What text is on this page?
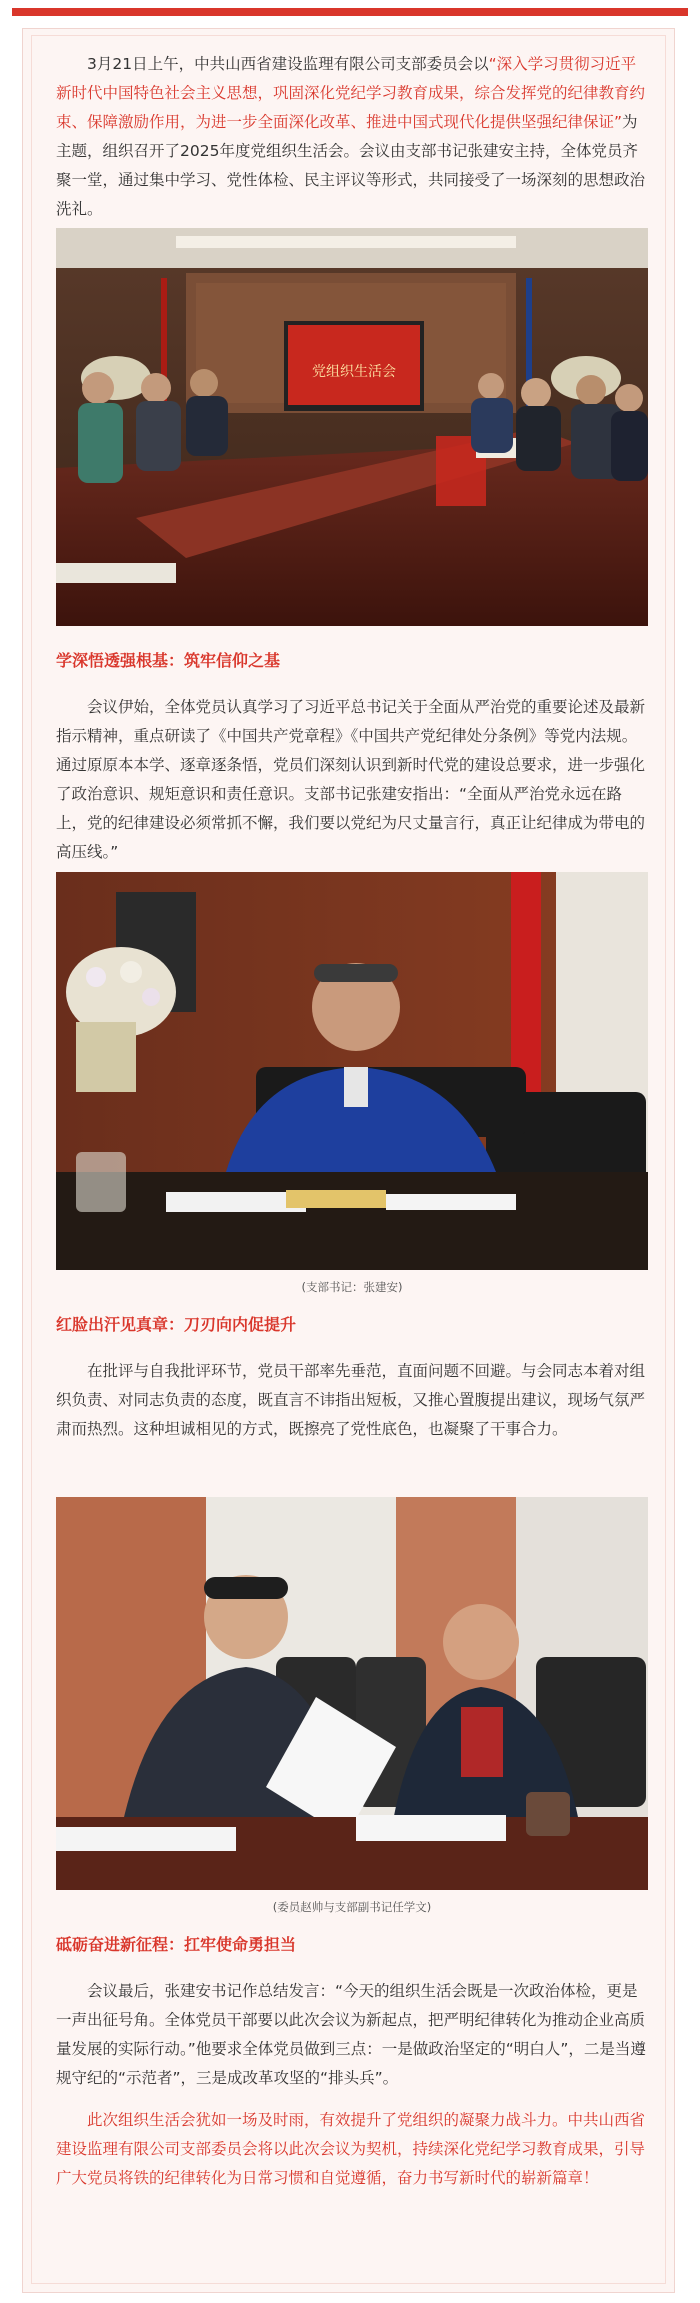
3月21日上午，中共山西省建设监理有限公司支部委员会以“深入学习贯彻习近平新时代中国特色社会主义思想，巩固深化党纪学习教育成果，综合发挥党的纪律教育约束、保障激励作用，为进一步全面深化改革、推进中国式现代化提供坚强纪律保证”为主题，组织召开了2025年度党组织生活会。会议由支部书记张建安主持，全体党员齐聚一堂，通过集中学习、党性体检、民主评议等形式，共同接受了一场深刻的思想政治洗礼。

党组织生活会
学深悟透强根基：筑牢信仰之基

会议伊始，全体党员认真学习了习近平总书记关于全面从严治党的重要论述及最新指示精神，重点研读了《中国共产党章程》《中国共产党纪律处分条例》等党内法规。通过原原本本学、逐章逐条悟，党员们深刻认识到新时代党的建设总要求，进一步强化了政治意识、规矩意识和责任意识。支部书记张建安指出：“全面从严治党永远在路上，党的纪律建设必须常抓不懈，我们要以党纪为尺丈量言行，真正让纪律成为带电的高压线。”

(支部书记：张建安)
红脸出汗见真章：刀刃向内促提升

在批评与自我批评环节，党员干部率先垂范，直面问题不回避。与会同志本着对组织负责、对同志负责的态度，既直言不讳指出短板，又推心置腹提出建议，现场气氛严肃而热烈。这种坦诚相见的方式，既擦亮了党性底色，也凝聚了干事合力。

(委员赵帅与支部副书记任学文)
砥砺奋进新征程：扛牢使命勇担当

会议最后，张建安书记作总结发言：“今天的组织生活会既是一次政治体检，更是一声出征号角。全体党员干部要以此次会议为新起点，把严明纪律转化为推动企业高质量发展的实际行动。”他要求全体党员做到三点：一是做政治坚定的“明白人”，二是当遵规守纪的“示范者”，三是成改革攻坚的“排头兵”。

此次组织生活会犹如一场及时雨，有效提升了党组织的凝聚力战斗力。中共山西省建设监理有限公司支部委员会将以此次会议为契机，持续深化党纪学习教育成果，引导广大党员将铁的纪律转化为日常习惯和自觉遵循，奋力书写新时代的崭新篇章！
